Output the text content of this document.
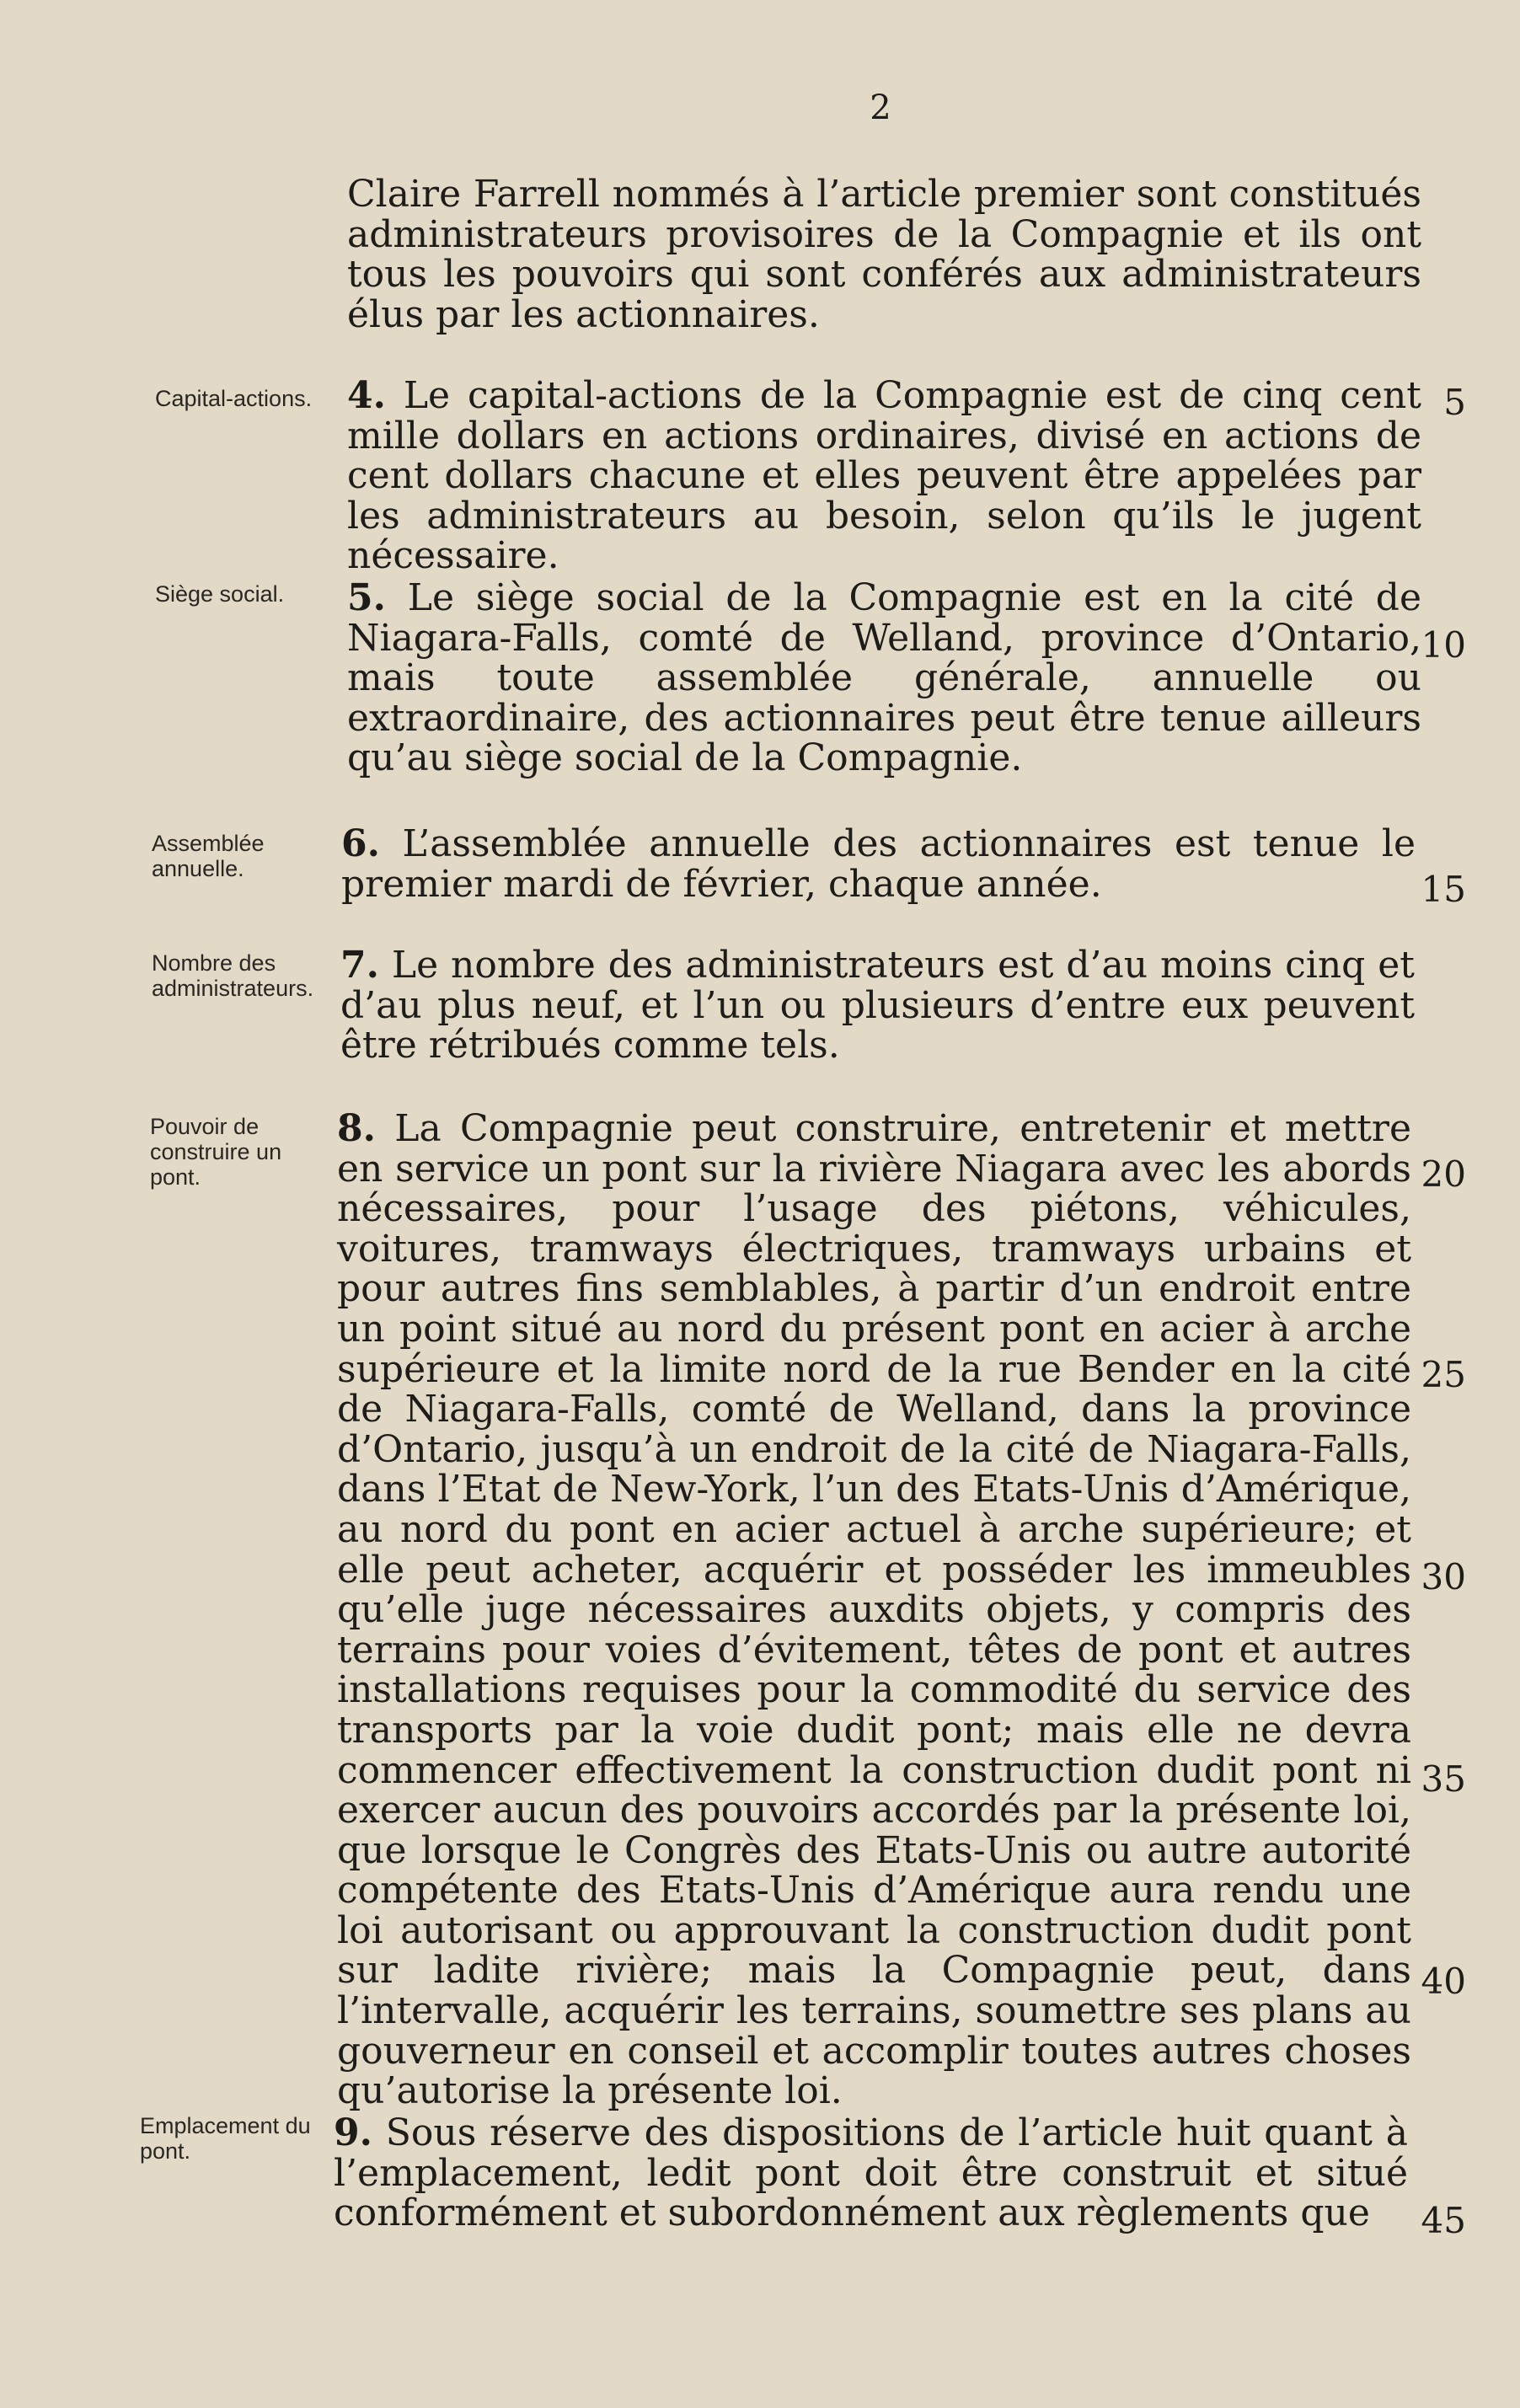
2
Claire Farrell nommés à l’article premier sont constitués administrateurs provisoires de la Compagnie et ils ont tous les pouvoirs qui sont conférés aux administrateurs élus par les actionnaires.
Capital-actions. 4. Le capital-actions de la Compagnie est de cinq cent mille dollars en actions ordinaires, divisé en actions de cent dollars chacune et elles peuvent être appelées par les administrateurs au besoin, selon qu’ils le jugent nécessaire.
Siège social.	5. Le siège social de la Compagnie est en la cité de Niagara-Falls, comté de Welland, province d’Ontario, mais toute assemblée générale, annuelle ou extraordinaire, des actionnaires peut être tenue ailleurs qu’au siège social de la Compagnie.
Assemblée annuelle.
6. L’assemblée annuelle des actionnaires est tenue le premier mardi de février, chaque année.
Nombre des administrateurs.
7. Le nombre des administrateurs est d’au moins cinq et d’au plus neuf, et l’un ou plusieurs d’entre eux peuvent être rétribués comme tels.
Pouvoir de construire un pont.
8. La Compagnie peut construire, entretenir et mettre en service un pont sur la rivière Niagara avec les abords nécessaires, pour l’usage des piétons, véhicules, voitures, tramways électriques, tramways urbains et pour autres fins semblables, à partir d’un endroit entre un point situé au nord du présent pont en acier à arche supérieure et la limite nord de la rue Bender en la cité de Niagara-Falls, comté de Welland, dans la province d’Ontario, jusqu’à un endroit de la cité de Niagara-Falls, dans l’Etat de New-York, l’un des Etats-Unis d’Amérique, au nord du pont en acier actuel à arche supérieure; et elle peut acheter, acquérir et posséder les immeubles qu’elle juge nécessaires auxdits objets, y compris des terrains pour voies d’évitement, têtes de pont et autres installations requises pour la commodité du service des transports par la voie dudit pont; mais elle ne devra commencer effectivement la construction dudit pont ni exercer aucun des pouvoirs accordés par la présente loi, que lorsque le Congrès des Etats-Unis ou autre autorité compétente des Etats-Unis d’Amérique aura rendu une loi autorisant ou approuvant la construction dudit pont sur ladite rivière; mais la Compagnie peut, dans l’intervalle, acquérir les terrains, soumettre ses plans au gouverneur en conseil et accomplir toutes autres choses qu’autorise la présente loi.
Emplacement du pont.	9. Sous réserve des dispositions de l’article huit quant à l’emplacement, ledit pont doit être construit et situé conformément et subordonnément aux règlements que
5
10
15
20
25
30
35
40
45
